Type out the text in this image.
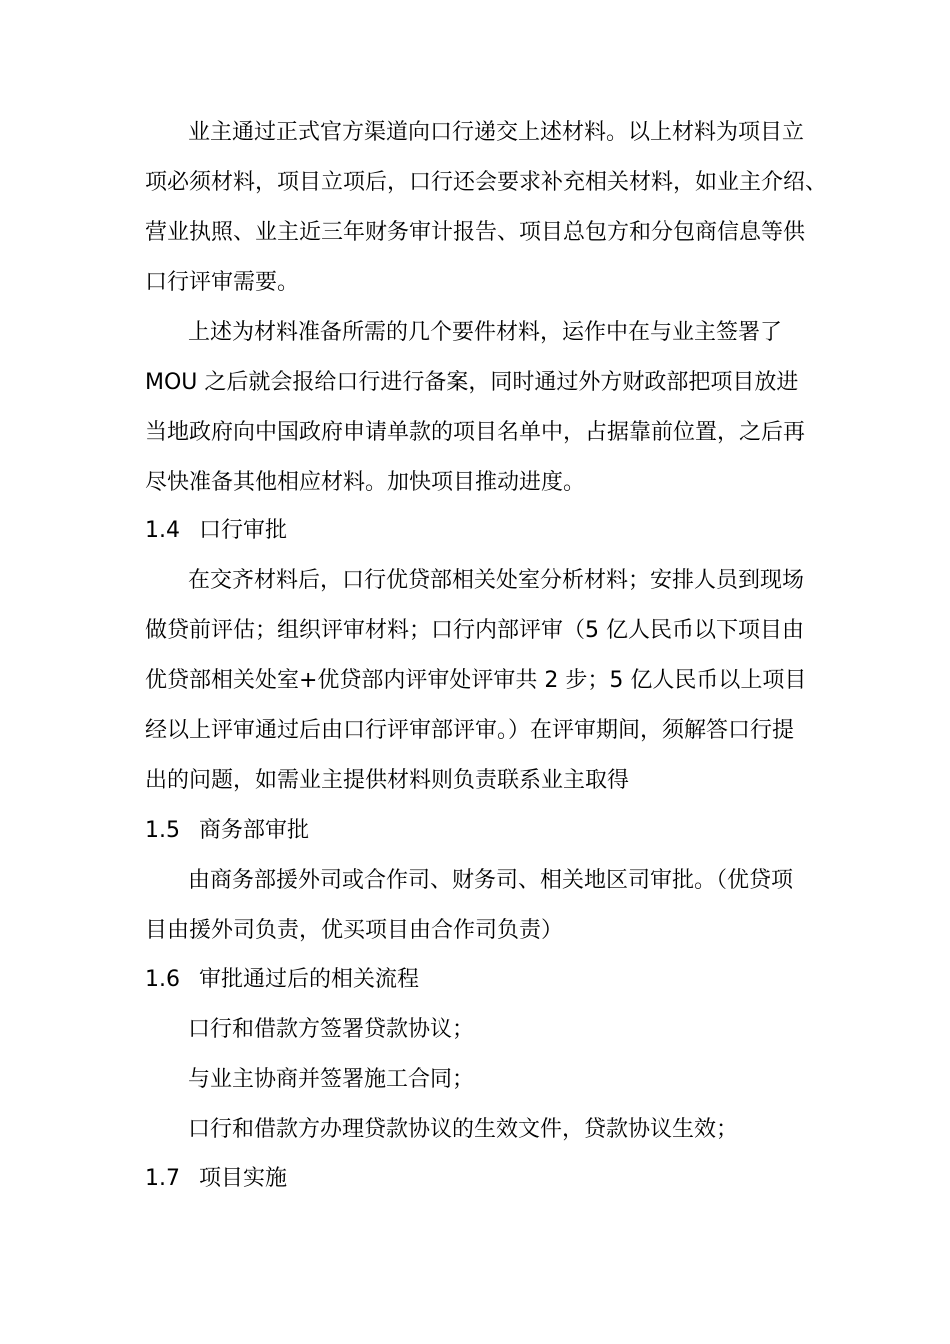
业主通过正式官方渠道向口行递交上述材料。以上材料为项目立
项必须材料，项目立项后，口行还会要求补充相关材料，如业主介绍、
营业执照、业主近三年财务审计报告、项目总包方和分包商信息等供
口行评审需要。
上述为材料准备所需的几个要件材料，运作中在与业主签署了
MOU 之后就会报给口行进行备案，同时通过外方财政部把项目放进
当地政府向中国政府申请单款的项目名单中，占据靠前位置，之后再
尽快准备其他相应材料。加快项目推动进度。
1.4 口行审批
在交齐材料后，口行优贷部相关处室分析材料；安排人员到现场
做贷前评估；组织评审材料；口行内部评审（5 亿人民币以下项目由
优贷部相关处室+优贷部内评审处评审共 2 步；5 亿人民币以上项目
经以上评审通过后由口行评审部评审。）在评审期间，须解答口行提
出的问题，如需业主提供材料则负责联系业主取得
1.5 商务部审批
由商务部援外司或合作司、财务司、相关地区司审批。（优贷项
目由援外司负责，优买项目由合作司负责）
1.6 审批通过后的相关流程
口行和借款方签署贷款协议；
与业主协商并签署施工合同；
口行和借款方办理贷款协议的生效文件，贷款协议生效；
1.7 项目实施
